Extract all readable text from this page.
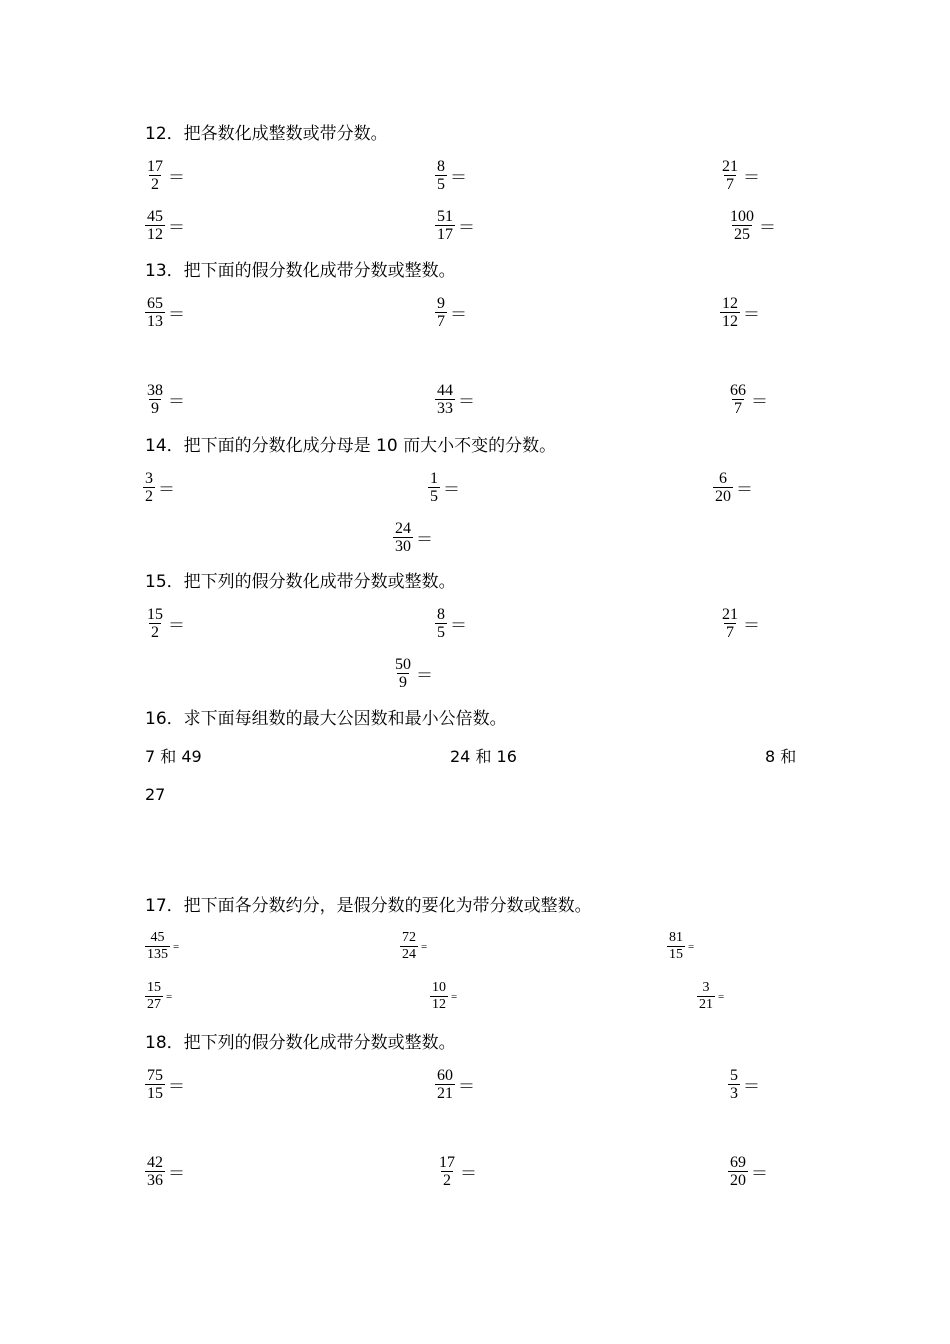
12．把各数化成整数或带分数。
$\frac{17}{2}$ ＝	$\frac{8}{5}$ ＝	$\frac{21}{7}$ ＝
$\frac{45}{12}$ ＝	$\frac{51}{17}$ ＝	$\frac{100}{25}$ ＝
13．把下面的假分数化成带分数或整数。
$\frac{65}{13}$ ＝	$\frac{9}{7}$ ＝	$\frac{12}{12}$ ＝
$\frac{38}{9}$ ＝	$\frac{44}{33}$ ＝	$\frac{66}{7}$ ＝
14．把下面的分数化成分母是 10 而大小不变的分数。
$\frac{3}{2}$ ＝	$\frac{1}{5}$ ＝	$\frac{6}{20}$ ＝
$\frac{24}{30}$ ＝
15．把下列的假分数化成带分数或整数。
$\frac{15}{2}$ ＝	$\frac{8}{5}$ ＝	$\frac{21}{7}$ ＝
$\frac{50}{9}$ ＝
16．求下面每组数的最大公因数和最小公倍数。
7 和 49	24 和 16	8 和
27
17．把下面各分数约分，是假分数的要化为带分数或整数。
$\frac{45}{135}$ =	$\frac{72}{24}$ =	$\frac{81}{15}$ =
$\frac{15}{27}$ =	$\frac{10}{12}$ =	$\frac{3}{21}$ =
18．把下列的假分数化成带分数或整数。
$\frac{75}{15}$ ＝	$\frac{60}{21}$ ＝	$\frac{5}{3}$ ＝
$\frac{42}{36}$ ＝	$\frac{17}{2}$ ＝	$\frac{69}{20}$ ＝
